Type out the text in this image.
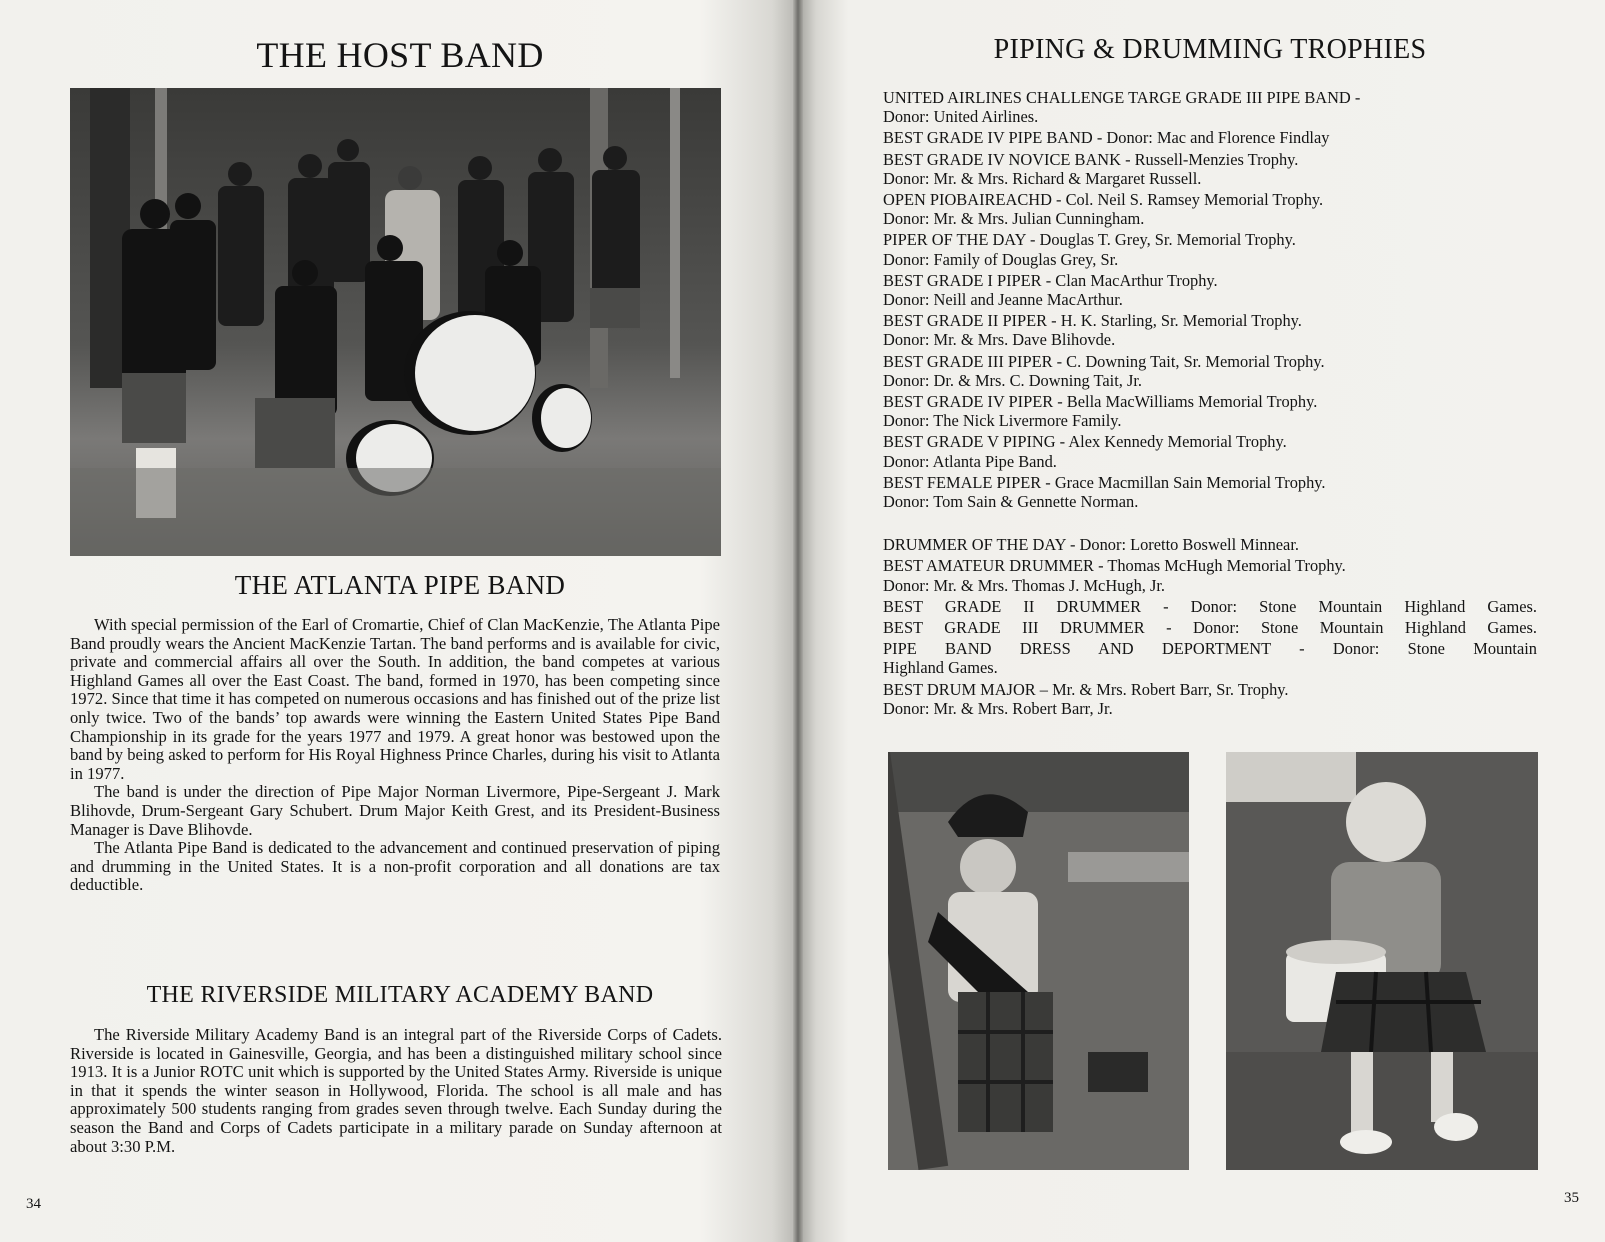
THE HOST BAND
THE ATLANTA PIPE BAND

With special permission of the Earl of Cromartie, Chief of Clan MacKenzie, The Atlanta Pipe Band proudly wears the Ancient MacKenzie Tartan. The band performs and is available for civic, private and commercial affairs all over the South. In addition, the band competes at various Highland Games all over the East Coast. The band, formed in 1970, has been competing since 1972. Since that time it has competed on numerous occasions and has finished out of the prize list only twice. Two of the bands’ top awards were winning the Eastern United States Pipe Band Championship in its grade for the years 1977 and 1979. A great honor was bestowed upon the band by being asked to perform for His Royal Highness Prince Charles, during his visit to Atlanta in 1977.

The band is under the direction of Pipe Major Norman Livermore, Pipe-Sergeant J. Mark Blihovde, Drum-Sergeant Gary Schubert. Drum Major Keith Grest, and its President-Business Manager is Dave Blihovde.

The Atlanta Pipe Band is dedicated to the advancement and continued preservation of piping and drumming in the United States. It is a non-profit corporation and all donations are tax deductible.

THE RIVERSIDE MILITARY ACADEMY BAND

The Riverside Military Academy Band is an integral part of the Riverside Corps of Cadets. Riverside is located in Gainesville, Georgia, and has been a distinguished military school since 1913. It is a Junior ROTC unit which is supported by the United States Army. Riverside is unique in that it spends the winter season in Hollywood, Florida. The school is all male and has approximately 500 students ranging from grades seven through twelve. Each Sunday during the season the Band and Corps of Cadets participate in a military parade on Sunday afternoon at about 3:30 P.M.

34
PIPING & DRUMMING TROPHIES
UNITED AIRLINES CHALLENGE TARGE GRADE III PIPE BAND -
Donor: United Airlines.
BEST GRADE IV PIPE BAND - Donor: Mac and Florence Findlay
BEST GRADE IV NOVICE BANK - Russell-Menzies Trophy.
Donor: Mr. & Mrs. Richard & Margaret Russell.
OPEN PIOBAIREACHD - Col. Neil S. Ramsey Memorial Trophy.
Donor: Mr. & Mrs. Julian Cunningham.
PIPER OF THE DAY - Douglas T. Grey, Sr. Memorial Trophy.
Donor: Family of Douglas Grey, Sr.
BEST GRADE I PIPER - Clan MacArthur Trophy.
Donor: Neill and Jeanne MacArthur.
BEST GRADE II PIPER - H. K. Starling, Sr. Memorial Trophy.
Donor: Mr. & Mrs. Dave Blihovde.
BEST GRADE III PIPER - C. Downing Tait, Sr. Memorial Trophy.
Donor: Dr. & Mrs. C. Downing Tait, Jr.
BEST GRADE IV PIPER - Bella MacWilliams Memorial Trophy.
Donor: The Nick Livermore Family.
BEST GRADE V PIPING - Alex Kennedy Memorial Trophy.
Donor: Atlanta Pipe Band.
BEST FEMALE PIPER - Grace Macmillan Sain Memorial Trophy.
Donor: Tom Sain & Gennette Norman.
DRUMMER OF THE DAY - Donor: Loretto Boswell Minnear.
BEST AMATEUR DRUMMER - Thomas McHugh Memorial Trophy.
Donor: Mr. & Mrs. Thomas J. McHugh, Jr.
BEST GRADE II DRUMMER - Donor: Stone Mountain Highland Games.
BEST GRADE III DRUMMER - Donor: Stone Mountain Highland Games.
PIPE BAND DRESS AND DEPORTMENT - Donor: Stone Mountain
Highland Games.
BEST DRUM MAJOR – Mr. & Mrs. Robert Barr, Sr. Trophy.
Donor: Mr. & Mrs. Robert Barr, Jr.
35
